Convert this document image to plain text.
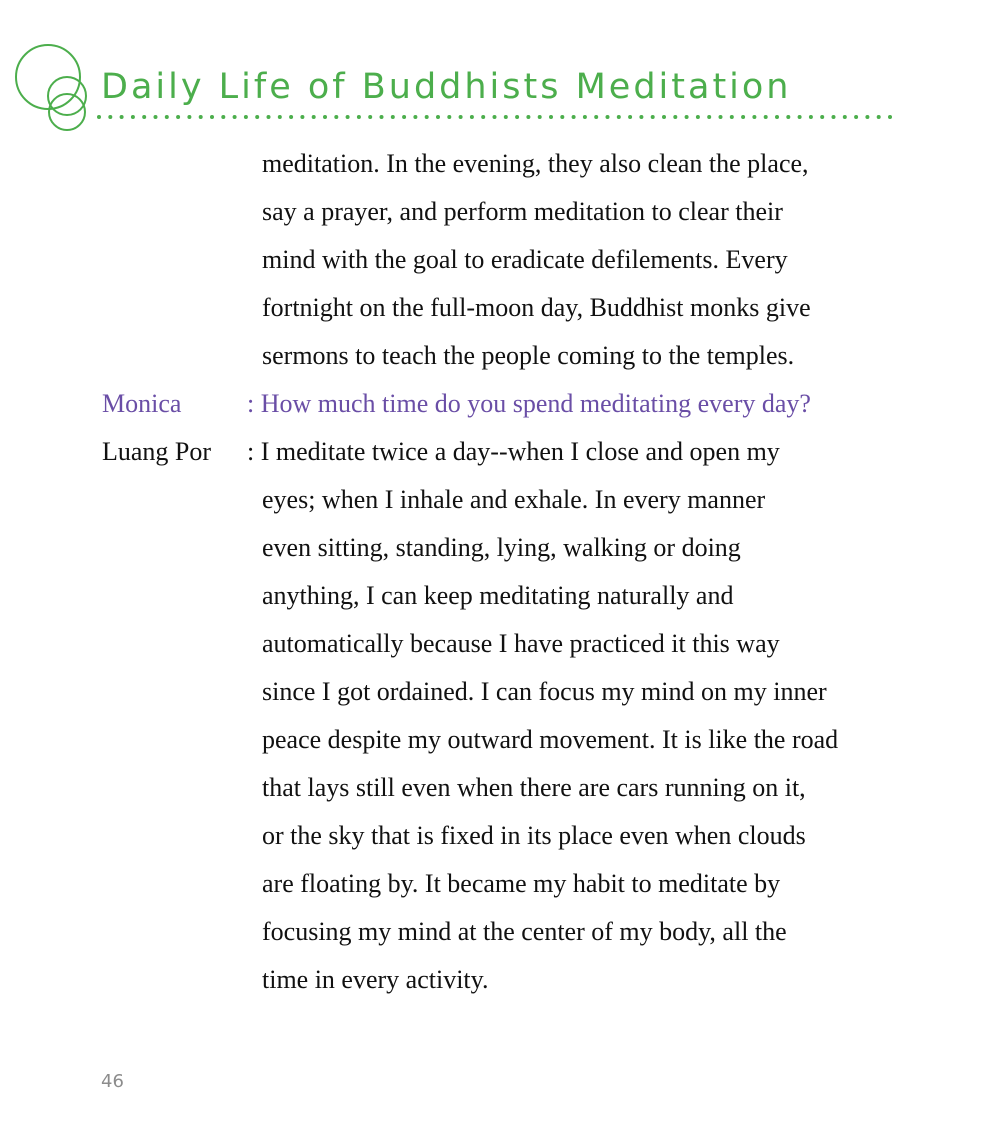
Daily Life of Buddhists Meditation
meditation. In the evening, they also clean the place,
say a prayer, and perform meditation to clear their
mind with the goal to eradicate defilements. Every
fortnight on the full-moon day, Buddhist monks give
sermons to teach the people coming to the temples.
Monica	: How much time do you spend meditating every day?
Luang Por : I meditate twice a day--when I close and open my
eyes; when I inhale and exhale. In every manner
even sitting, standing, lying, walking or doing
anything, I can keep meditating naturally and
automatically because I have practiced it this way
since I got ordained. I can focus my mind on my inner
peace despite my outward movement. It is like the road
that lays still even when there are cars running on it,
or the sky that is fixed in its place even when clouds
are floating by. It became my habit to meditate by
focusing my mind at the center of my body, all the
time in every activity.
46
